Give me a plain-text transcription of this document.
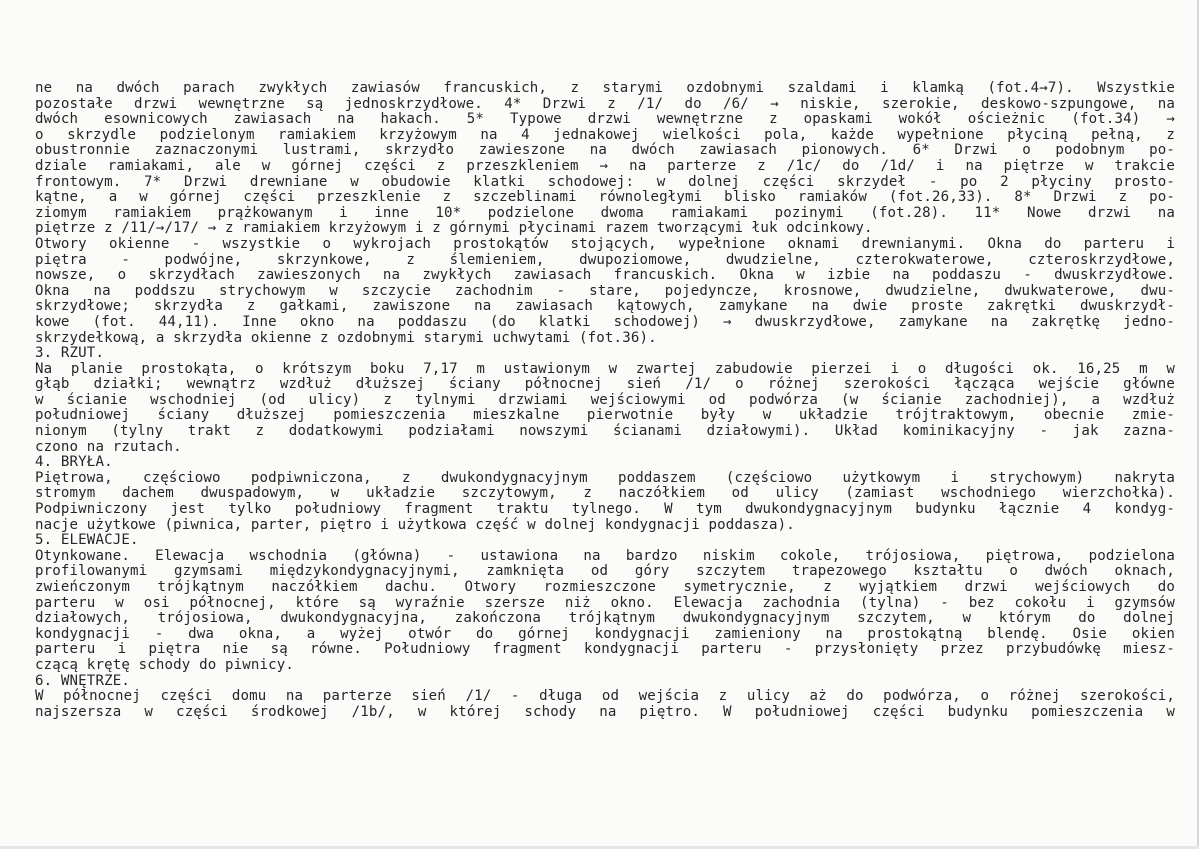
ne na dwóch parach zwykłych zawiasów francuskich, z starymi ozdobnymi szaldami i klamką (fot.4→7). Wszystkie
pozostałe drzwi wewnętrzne są jednoskrzydłowe. 4* Drzwi z /1/ do /6/ → niskie, szerokie, deskowo-szpungowe, na
dwóch esownicowych zawiasach na hakach. 5* Typowe drzwi wewnętrzne z opaskami wokół ościeżnic (fot.34) →
o skrzydle podzielonym ramiakiem krzyżowym na 4 jednakowej wielkości pola, każde wypełnione płyciną pełną, z
obustronnie zaznaczonymi lustrami, skrzydło zawieszone na dwóch zawiasach pionowych. 6* Drzwi o podobnym po-
dziale ramiakami, ale w górnej części z przeszkleniem → na parterze z /1c/ do /1d/ i na piętrze w trakcie
frontowym. 7* Drzwi drewniane w obudowie klatki schodowej: w dolnej części skrzydeł - po 2 płyciny prosto-
kątne, a w górnej części przeszklenie z szczeblinami równoległymi blisko ramiaków (fot.26,33). 8* Drzwi z po-
ziomym ramiakiem prążkowanym i inne 10* podzielone dwoma ramiakami pozinymi (fot.28). 11* Nowe drzwi na
piętrze z /11/→/17/ → z ramiakiem krzyżowym i z górnymi płycinami razem tworzącymi łuk odcinkowy.
Otwory okienne - wszystkie o wykrojach prostokątów stojących, wypełnione oknami drewnianymi. Okna do parteru i
piętra - podwójne, skrzynkowe, z ślemieniem, dwupoziomowe, dwudzielne, czterokwaterowe, czteroskrzydłowe,
nowsze, o skrzydłach zawieszonych na zwykłych zawiasach francuskich. Okna w izbie na poddaszu - dwuskrzydłowe.
Okna na poddszu strychowym w szczycie zachodnim - stare, pojedyncze, krosnowe, dwudzielne, dwukwaterowe, dwu-
skrzydłowe; skrzydła z gałkami, zawiszone na zawiasach kątowych, zamykane na dwie proste zakrętki dwuskrzydł-
kowe (fot. 44,11). Inne okno na poddaszu (do klatki schodowej) → dwuskrzydłowe, zamykane na zakrętkę jedno-
skrzydełkową, a skrzydła okienne z ozdobnymi starymi uchwytami (fot.36).
3. RZUT.
Na planie prostokąta, o krótszym boku 7,17 m ustawionym w zwartej zabudowie pierzei i o długości ok. 16,25 m w
głąb działki; wewnątrz wzdłuż dłuższej ściany północnej sień /1/ o różnej szerokości łącząca wejście główne
w ścianie wschodniej (od ulicy) z tylnymi drzwiami wejściowymi od podwórza (w ścianie zachodniej), a wzdłuż
południowej ściany dłuższej pomieszczenia mieszkalne pierwotnie były w układzie trójtraktowym, obecnie zmie-
nionym (tylny trakt z dodatkowymi podziałami nowszymi ścianami działowymi). Układ kominikacyjny - jak zazna-
czono na rzutach.
4. BRYŁA.
Piętrowa, częściowo podpiwniczona, z dwukondygnacyjnym poddaszem (częściowo użytkowym i strychowym) nakryta
stromym dachem dwuspadowym, w układzie szczytowym, z naczółkiem od ulicy (zamiast wschodniego wierzchołka).
Podpiwniczony jest tylko południowy fragment traktu tylnego. W tym dwukondygnacyjnym budynku łącznie 4 kondyg-
nacje użytkowe (piwnica, parter, piętro i użytkowa część w dolnej kondygnacji poddasza).
5. ELEWACJE.
Otynkowane. Elewacja wschodnia (główna) - ustawiona na bardzo niskim cokole, trójosiowa, piętrowa, podzielona
profilowanymi gzymsami międzykondygnacyjnymi, zamknięta od góry szczytem trapezowego kształtu o dwóch oknach,
zwieńczonym trójkątnym naczółkiem dachu. Otwory rozmieszczone symetrycznie, z wyjątkiem drzwi wejściowych do
parteru w osi północnej, które są wyraźnie szersze niż okno. Elewacja zachodnia (tylna) - bez cokołu i gzymsów
działowych, trójosiowa, dwukondygnacyjna, zakończona trójkątnym dwukondygnacyjnym szczytem, w którym do dolnej
kondygnacji - dwa okna, a wyżej otwór do górnej kondygnacji zamieniony na prostokątną blendę. Osie okien
parteru i piętra nie są równe. Południowy fragment kondygnacji parteru - przysłonięty przez przybudówkę miesz-
czącą krętę schody do piwnicy.
6. WNĘTRZE.
W północnej części domu na parterze sień /1/ - długa od wejścia z ulicy aż do podwórza, o różnej szerokości,
najszersza w części środkowej /1b/, w której schody na piętro. W południowej części budynku pomieszczenia w
